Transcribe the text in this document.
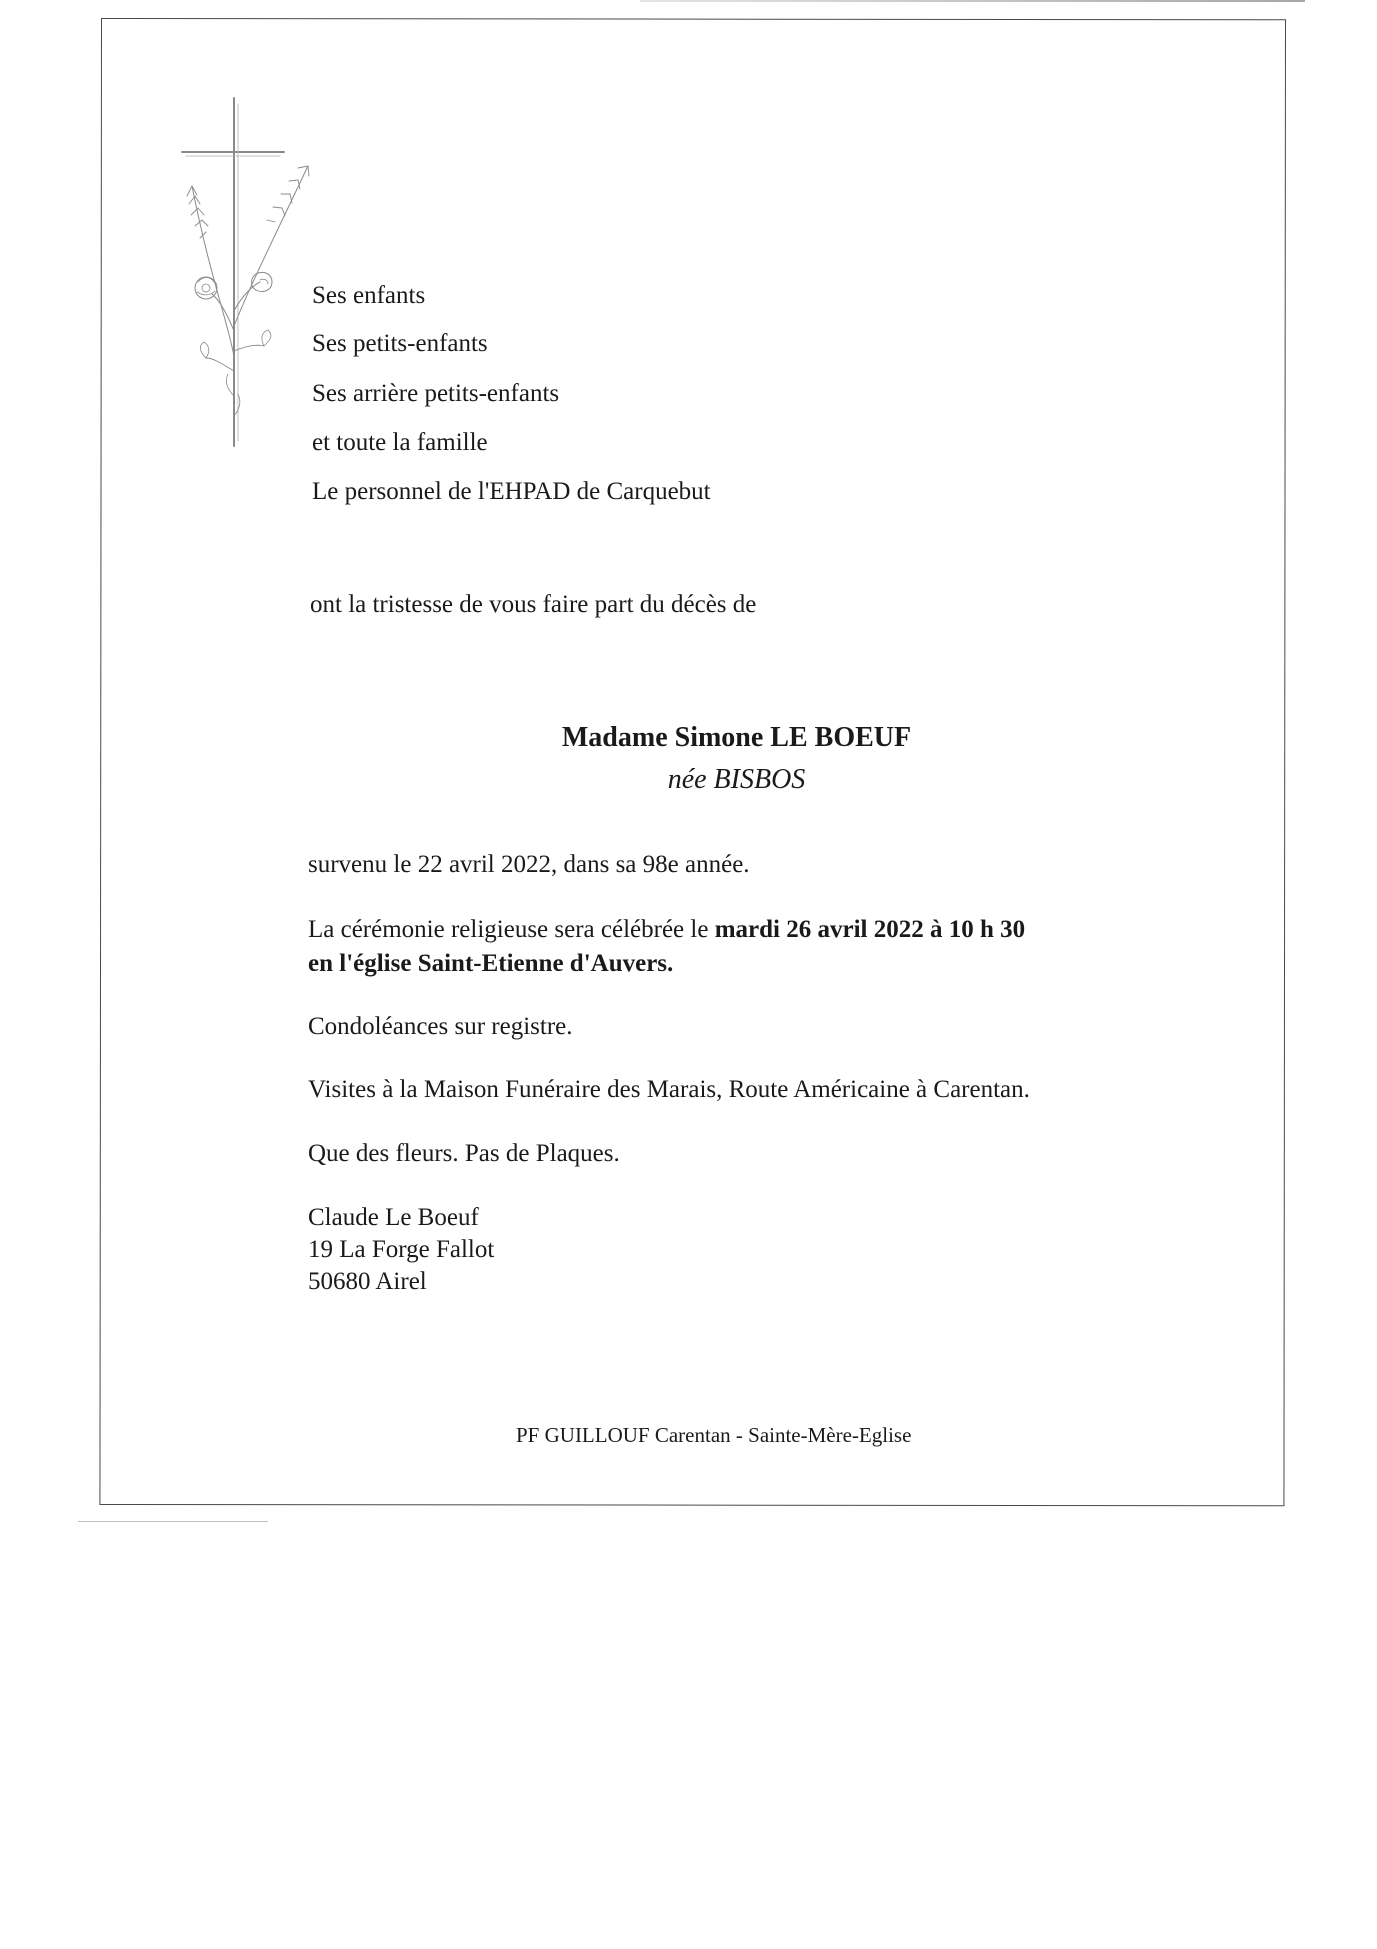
Ses enfants
Ses petits-enfants
Ses arrière petits-enfants
et toute la famille
Le personnel de l'EHPAD de Carquebut
ont la tristesse de vous faire part du décès de
Madame Simone LE BOEUF
née BISBOS
survenu le 22 avril 2022, dans sa 98e année.
La cérémonie religieuse sera célébrée le mardi 26 avril 2022 à 10 h 30
en l'église Saint-Etienne d'Auvers.
Condoléances sur registre.
Visites à la Maison Funéraire des Marais, Route Américaine à Carentan.
Que des fleurs. Pas de Plaques.
Claude Le Boeuf
19 La Forge Fallot
50680 Airel
PF GUILLOUF Carentan - Sainte-Mère-Eglise
